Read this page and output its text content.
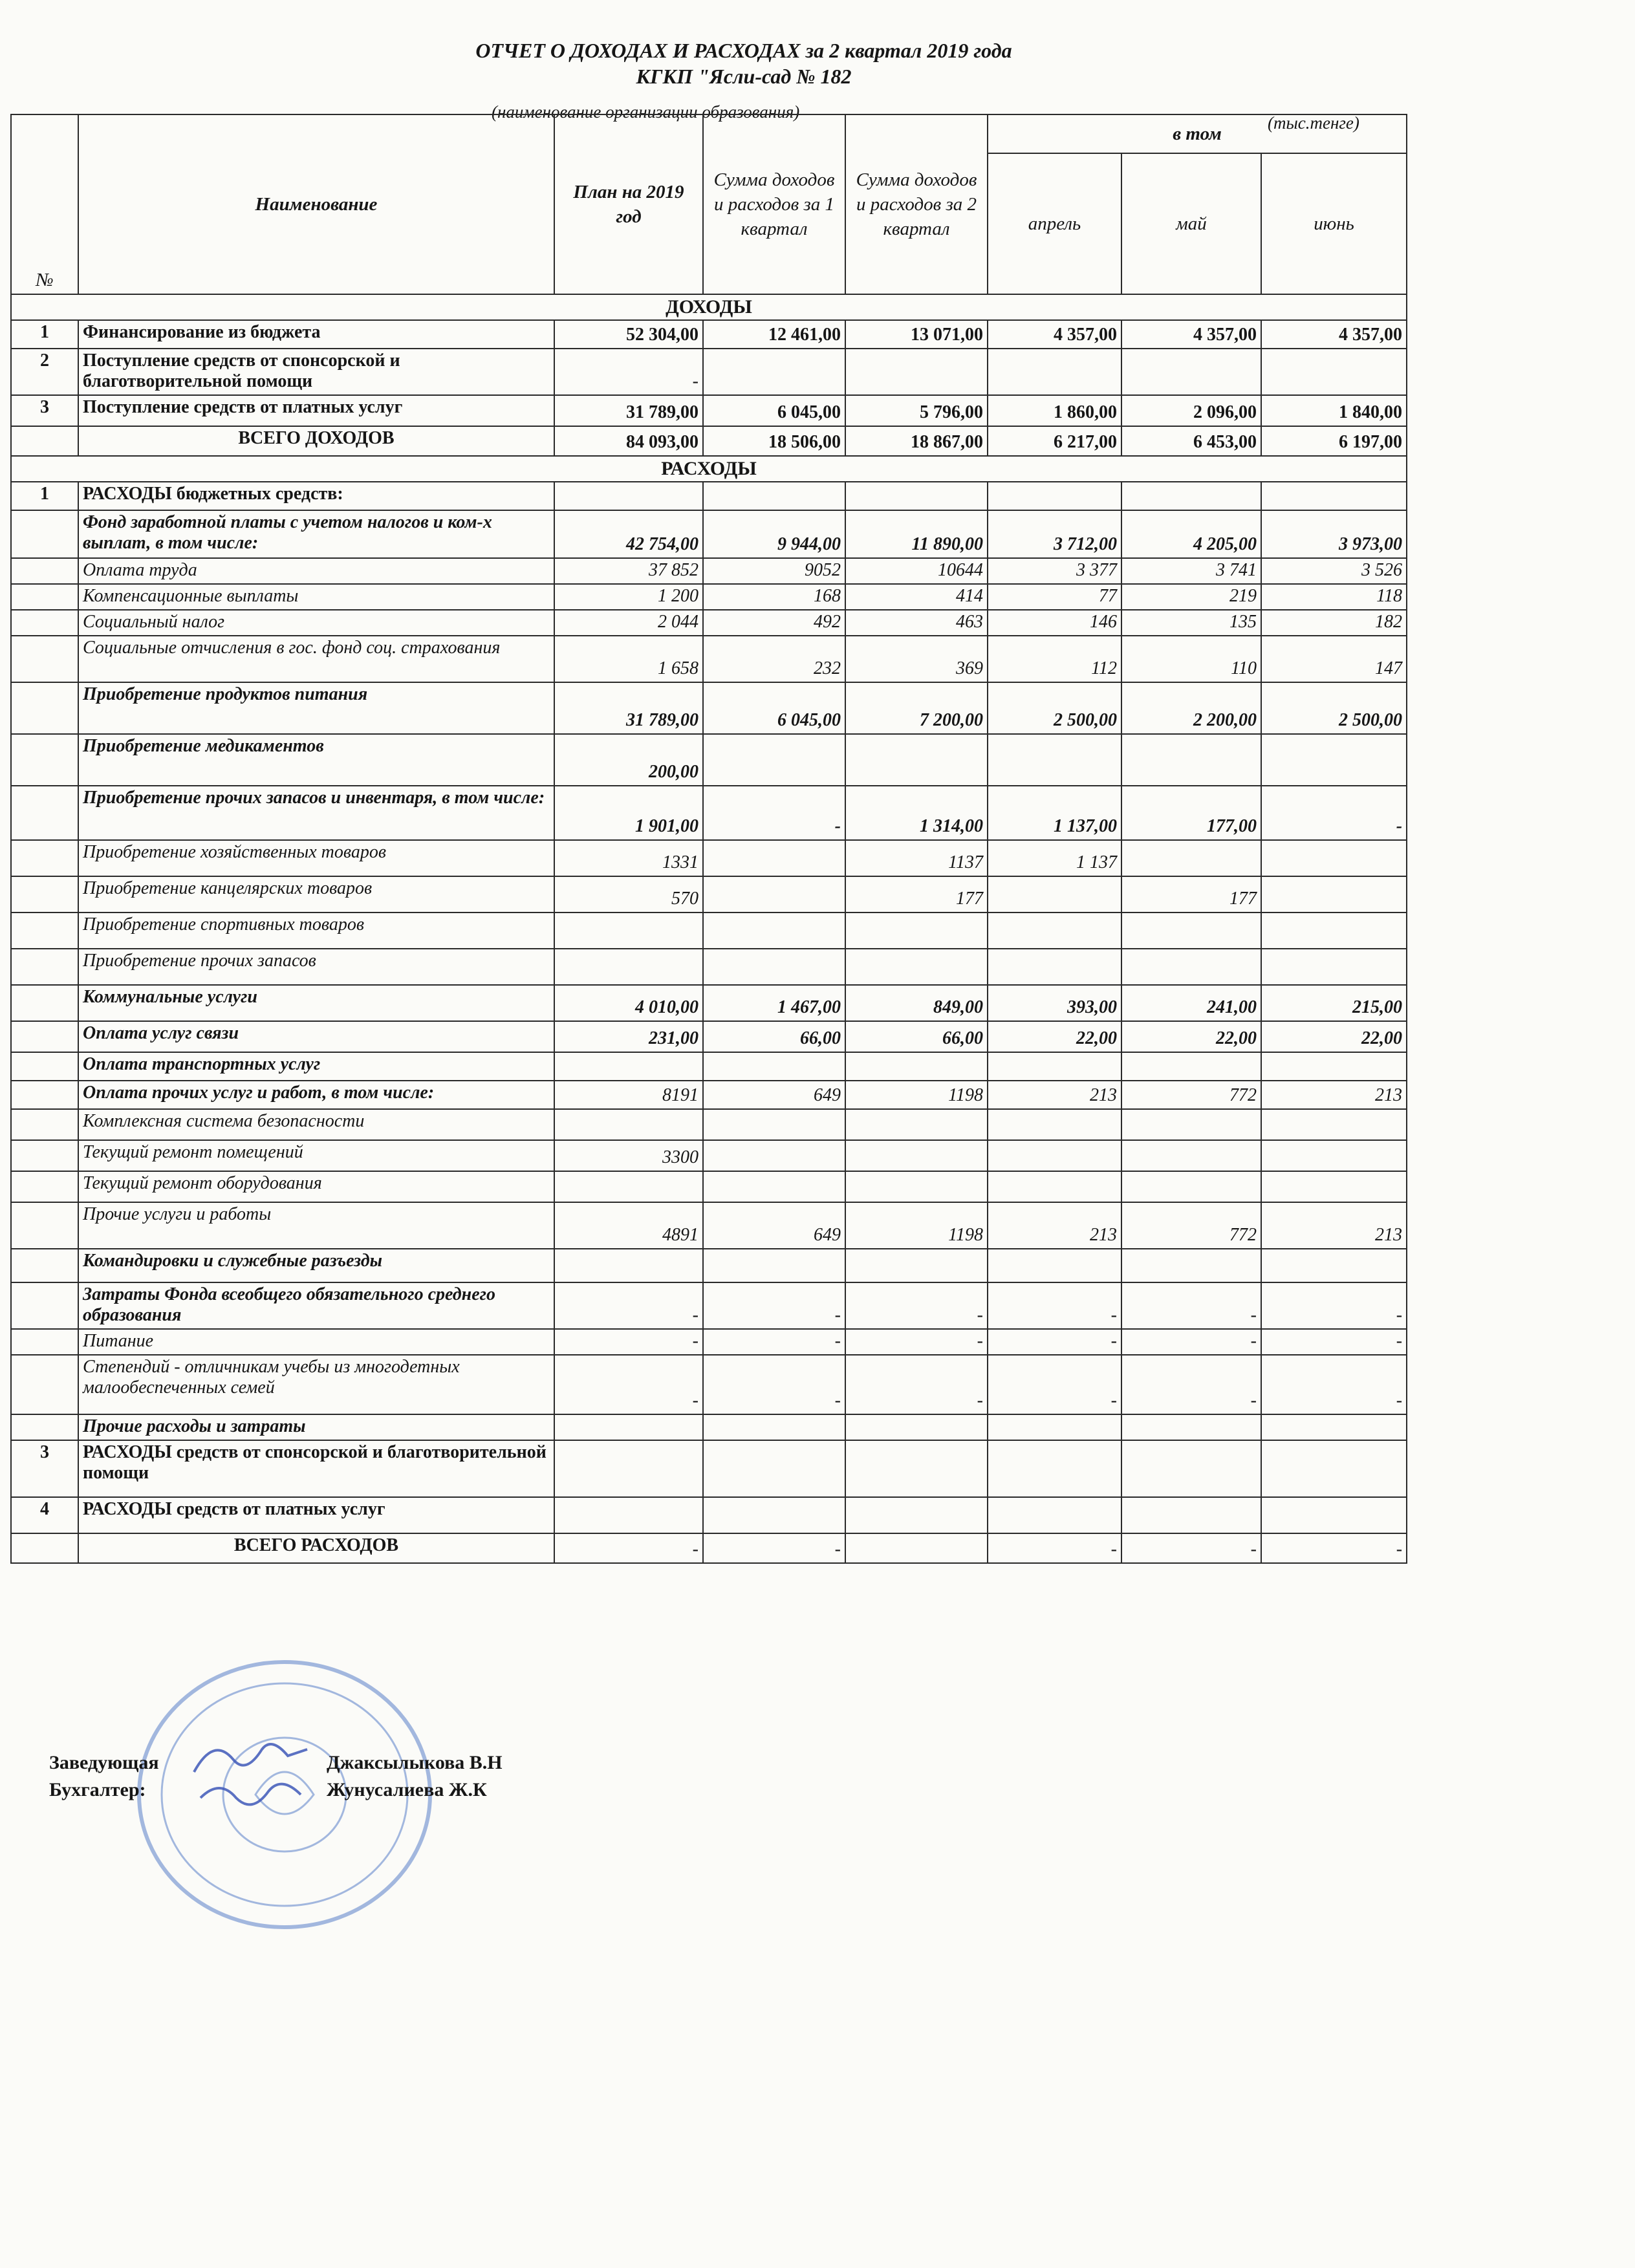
ОТЧЕТ О ДОХОДАХ И РАСХОДАХ за 2 квартал 2019 года
КГКП "Ясли-сад № 182
(наименование организации образования)
(тыс.тенге)
№	Наименование	План на 2019 год	Сумма доходов и расходов за 1 квартал	Сумма доходов и расходов за 2 квартал	в том		
					апрель	май	июнь
ДОХОДЫ							
1	Финансирование из бюджета	52 304,00	12 461,00	13 071,00	4 357,00	4 357,00	4 357,00
2	Поступление средств от спонсорской и благотворительной помощи	-					
3	Поступление средств от платных услуг	31 789,00	6 045,00	5 796,00	1 860,00	2 096,00	1 840,00
	ВСЕГО ДОХОДОВ	84 093,00	18 506,00	18 867,00	6 217,00	6 453,00	6 197,00
РАСХОДЫ							
1	РАСХОДЫ бюджетных средств:						
	Фонд заработной платы с учетом налогов и ком-х выплат, в том числе:	42 754,00	9 944,00	11 890,00	3 712,00	4 205,00	3 973,00
	Оплата труда	37 852	9052	10644	3 377	3 741	3 526
	Компенсационные выплаты	1 200	168	414	77	219	118
	Социальный налог	2 044	492	463	146	135	182
	Социальные отчисления в гос. фонд соц. страхования	1 658	232	369	112	110	147
	Приобретение продуктов питания	31 789,00	6 045,00	7 200,00	2 500,00	2 200,00	2 500,00
	Приобретение медикаментов	200,00					
	Приобретение прочих запасов и инвентаря, в том числе:	1 901,00	-	1 314,00	1 137,00	177,00	-
	Приобретение хозяйственных товаров	1331		1137	1 137		
	Приобретение канцелярских товаров	570		177		177	
	Приобретение спортивных товаров						
	Приобретение прочих запасов						
	Коммунальные услуги	4 010,00	1 467,00	849,00	393,00	241,00	215,00
	Оплата услуг связи	231,00	66,00	66,00	22,00	22,00	22,00
	Оплата транспортных услуг						
	Оплата прочих услуг и работ, в том числе:	8191	649	1198	213	772	213
	Комплексная система безопасности						
	Текущий ремонт помещений	3300					
	Текущий ремонт оборудования						
	Прочие услуги и работы	4891	649	1198	213	772	213
	Командировки и служебные разъезды						
	Затраты Фонда всеобщего обязательного среднего образования	-	-	-	-	-	-
	Питание	-	-	-	-	-	-
	Степендий - отличникам учебы из многодетных малообеспеченных семей	-	-	-	-	-	-
	Прочие расходы и затраты						
3	РАСХОДЫ средств от спонсорской и благотворительной помощи						
4	РАСХОДЫ средств от платных услуг						
	ВСЕГО РАСХОДОВ	-	-		-	-	-
Заведующая
Бухгалтер:
Джаксылыкова В.Н
Жунусалиева Ж.К
